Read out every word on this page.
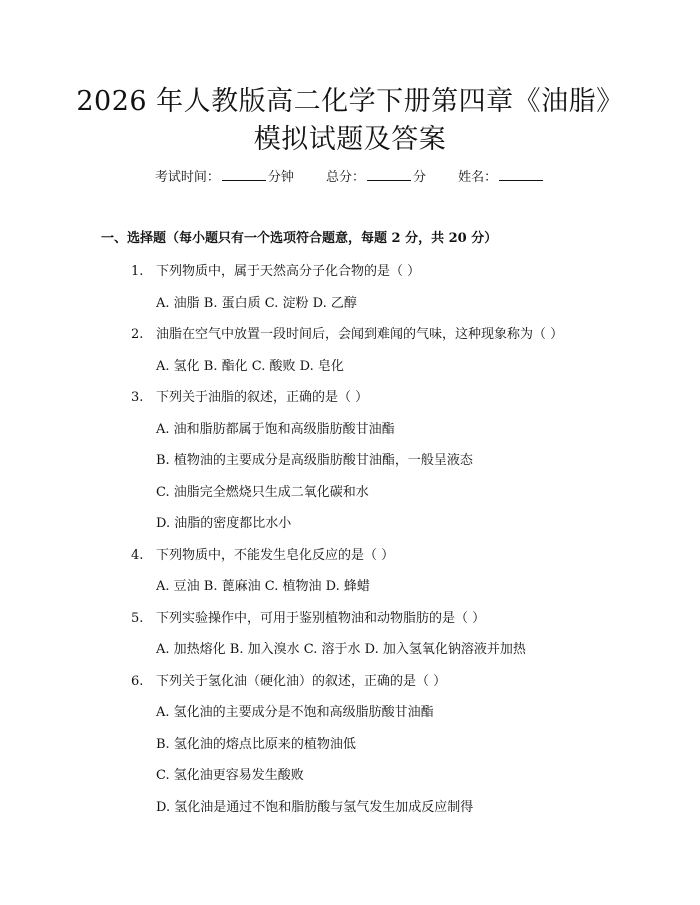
2026 年人教版高二化学下册第四章《油脂》
模拟试题及答案
考试时间：	分钟 总分：	分 姓名：
一、选择题（每小题只有一个选项符合题意，每题 2 分，共 20 分）
1. 下列物质中，属于天然高分子化合物的是（ ）
A. 油脂 B. 蛋白质 C. 淀粉 D. 乙醇
2. 油脂在空气中放置一段时间后，会闻到难闻的气味，这种现象称为（ ）
A. 氢化 B. 酯化 C. 酸败 D. 皂化
3. 下列关于油脂的叙述，正确的是（ ）
A. 油和脂肪都属于饱和高级脂肪酸甘油酯
B. 植物油的主要成分是高级脂肪酸甘油酯，一般呈液态
C. 油脂完全燃烧只生成二氧化碳和水
D. 油脂的密度都比水小
4. 下列物质中，不能发生皂化反应的是（ ）
A. 豆油 B. 蓖麻油 C. 植物油 D. 蜂蜡
5. 下列实验操作中，可用于鉴别植物油和动物脂肪的是（ ）
A. 加热熔化 B. 加入溴水 C. 溶于水 D. 加入氢氧化钠溶液并加热
6. 下列关于氢化油（硬化油）的叙述，正确的是（ ）
A. 氢化油的主要成分是不饱和高级脂肪酸甘油酯
B. 氢化油的熔点比原来的植物油低
C. 氢化油更容易发生酸败
D. 氢化油是通过不饱和脂肪酸与氢气发生加成反应制得
